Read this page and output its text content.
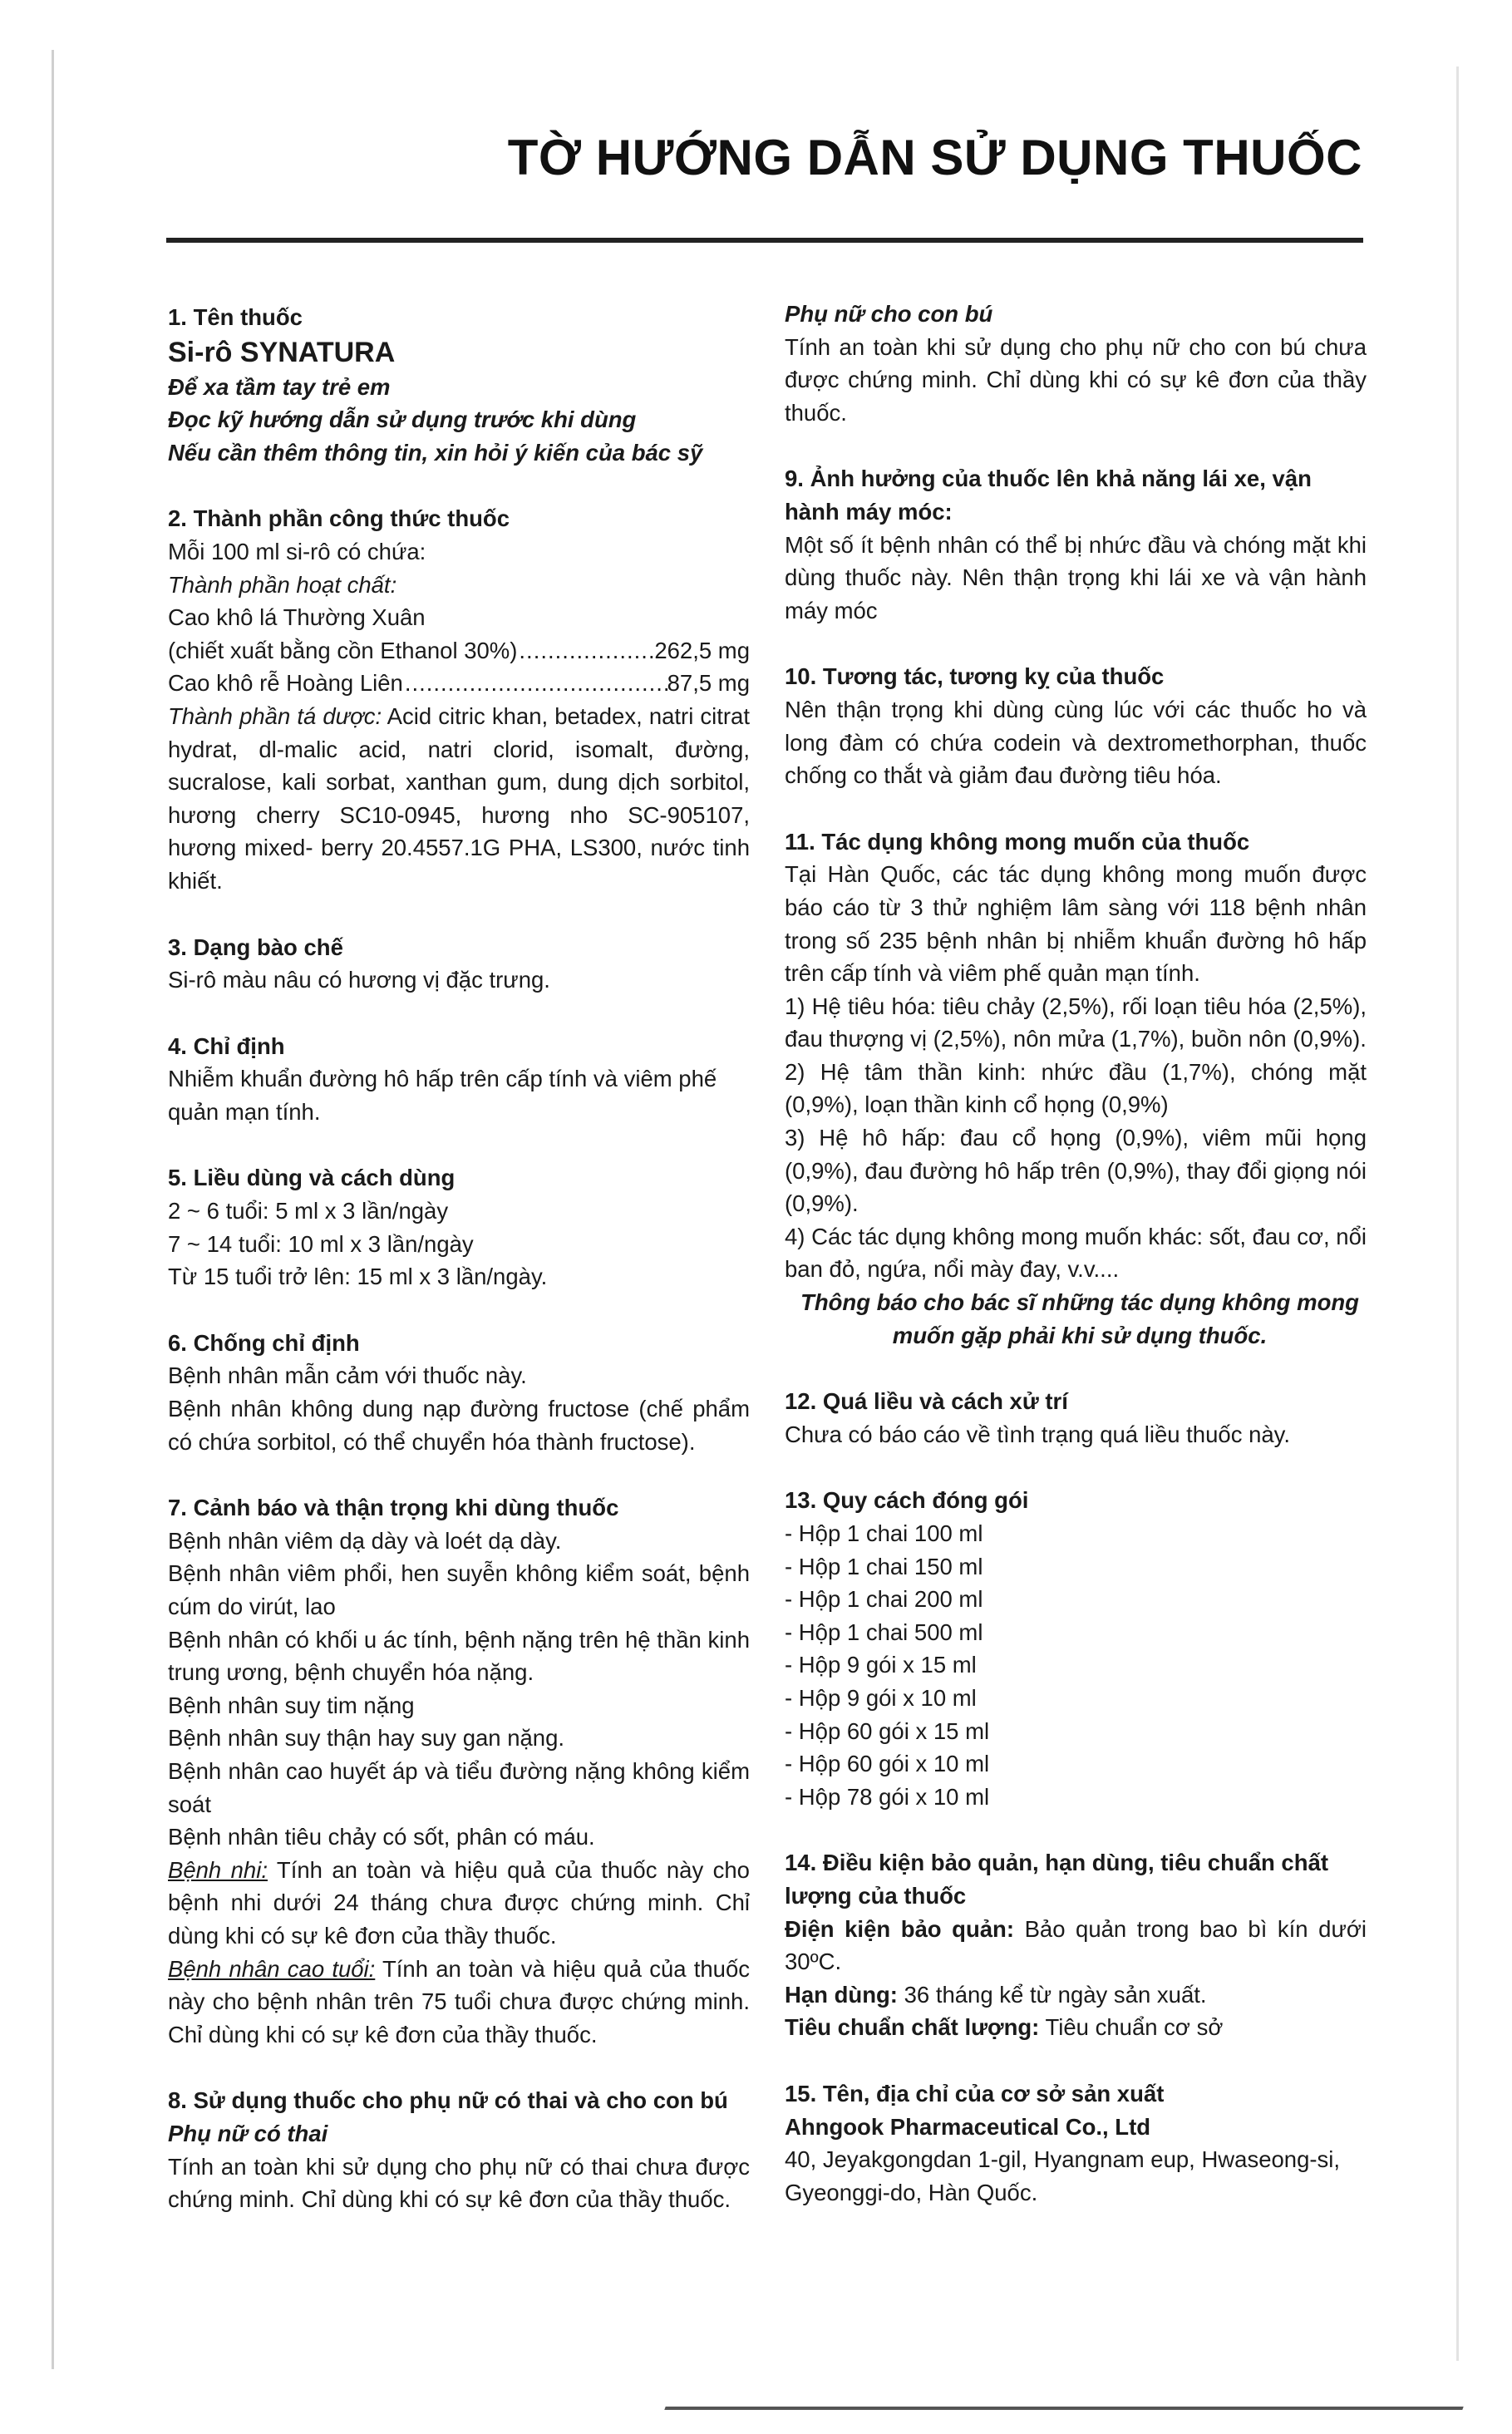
TỜ HƯỚNG DẪN SỬ DỤNG THUỐC
1. Tên thuốc
Si-rô SYNATURA
Để xa tầm tay trẻ em
Đọc kỹ hướng dẫn sử dụng trước khi dùng
Nếu cần thêm thông tin, xin hỏi ý kiến của bác sỹ
2. Thành phần công thức thuốc
Mỗi 100 ml si-rô có chứa:
Thành phần hoạt chất:
Cao khô lá Thường Xuân
(chiết xuất bằng cồn Ethanol 30%) .....	262,5 mg
Cao khô rễ Hoàng Liên .....	87,5 mg

Thành phần tá dược: Acid citric khan, betadex, natri citrat hydrat, dl-malic acid, natri clorid, isomalt, đường, sucralose, kali sorbat, xanthan gum, dung dịch sorbitol, hương cherry SC10-0945, hương nho SC-905107, hương mixed- berry 20.4557.1G PHA, LS300, nước tinh khiết.

3. Dạng bào chế
Si-rô màu nâu có hương vị đặc trưng.
4. Chỉ định

Nhiễm khuẩn đường hô hấp trên cấp tính và viêm phế quản mạn tính.

5. Liều dùng và cách dùng
2 ~ 6 tuổi: 5 ml x 3 lần/ngày
7 ~ 14 tuổi: 10 ml x 3 lần/ngày
Từ 15 tuổi trở lên: 15 ml x 3 lần/ngày.
6. Chống chỉ định

Bệnh nhân mẫn cảm với thuốc này.

Bệnh nhân không dung nạp đường fructose (chế phẩm có chứa sorbitol, có thể chuyển hóa thành fructose).

7. Cảnh báo và thận trọng khi dùng thuốc

Bệnh nhân viêm dạ dày và loét dạ dày.

Bệnh nhân viêm phổi, hen suyễn không kiểm soát, bệnh cúm do virút, lao

Bệnh nhân có khối u ác tính, bệnh nặng trên hệ thần kinh trung ương, bệnh chuyển hóa nặng.

Bệnh nhân suy tim nặng

Bệnh nhân suy thận hay suy gan nặng.

Bệnh nhân cao huyết áp và tiểu đường nặng không kiểm soát

Bệnh nhân tiêu chảy có sốt, phân có máu.

Bệnh nhi: Tính an toàn và hiệu quả của thuốc này cho bệnh nhi dưới 24 tháng chưa được chứng minh. Chỉ dùng khi có sự kê đơn của thầy thuốc.

Bệnh nhân cao tuổi: Tính an toàn và hiệu quả của thuốc này cho bệnh nhân trên 75 tuổi chưa được chứng minh. Chỉ dùng khi có sự kê đơn của thầy thuốc.

8. Sử dụng thuốc cho phụ nữ có thai và cho con bú
Phụ nữ có thai

Tính an toàn khi sử dụng cho phụ nữ có thai chưa được chứng minh. Chỉ dùng khi có sự kê đơn của thầy thuốc.

Phụ nữ cho con bú

Tính an toàn khi sử dụng cho phụ nữ cho con bú chưa được chứng minh. Chỉ dùng khi có sự kê đơn của thầy thuốc.

9. Ảnh hưởng của thuốc lên khả năng lái xe, vận hành máy móc:

Một số ít bệnh nhân có thể bị nhức đầu và chóng mặt khi dùng thuốc này. Nên thận trọng khi lái xe và vận hành máy móc

10. Tương tác, tương kỵ của thuốc

Nên thận trọng khi dùng cùng lúc với các thuốc ho và long đàm có chứa codein và dextromethorphan, thuốc chống co thắt và giảm đau đường tiêu hóa.

11. Tác dụng không mong muốn của thuốc

Tại Hàn Quốc, các tác dụng không mong muốn được báo cáo từ 3 thử nghiệm lâm sàng với 118 bệnh nhân trong số 235 bệnh nhân bị nhiễm khuẩn đường hô hấp trên cấp tính và viêm phế quản mạn tính.

1) Hệ tiêu hóa: tiêu chảy (2,5%), rối loạn tiêu hóa (2,5%), đau thượng vị (2,5%), nôn mửa (1,7%), buồn nôn (0,9%).

2) Hệ tâm thần kinh: nhức đầu (1,7%), chóng mặt (0,9%), loạn thần kinh cổ họng (0,9%)

3) Hệ hô hấp: đau cổ họng (0,9%), viêm mũi họng (0,9%), đau đường hô hấp trên (0,9%), thay đổi giọng nói (0,9%).

4) Các tác dụng không mong muốn khác: sốt, đau cơ, nổi ban đỏ, ngứa, nổi mày đay, v.v....

Thông báo cho bác sĩ những tác dụng không mong muốn gặp phải khi sử dụng thuốc.
12. Quá liều và cách xử trí
Chưa có báo cáo về tình trạng quá liều thuốc này.
13. Quy cách đóng gói
- Hộp 1 chai 100 ml
- Hộp 1 chai 150 ml
- Hộp 1 chai 200 ml
- Hộp 1 chai 500 ml
- Hộp 9 gói x 15 ml
- Hộp 9 gói x 10 ml
- Hộp 60 gói x 15 ml
- Hộp 60 gói x 10 ml
- Hộp 78 gói x 10 ml
14. Điều kiện bảo quản, hạn dùng, tiêu chuẩn chất lượng của thuốc

Điện kiện bảo quản: Bảo quản trong bao bì kín dưới 30ºC.

Hạn dùng: 36 tháng kể từ ngày sản xuất.

Tiêu chuẩn chất lượng: Tiêu chuẩn cơ sở

15. Tên, địa chỉ của cơ sở sản xuất
Ahngook Pharmaceutical Co., Ltd

40, Jeyakgongdan 1-gil, Hyangnam eup, Hwaseong-si, Gyeonggi-do, Hàn Quốc.
